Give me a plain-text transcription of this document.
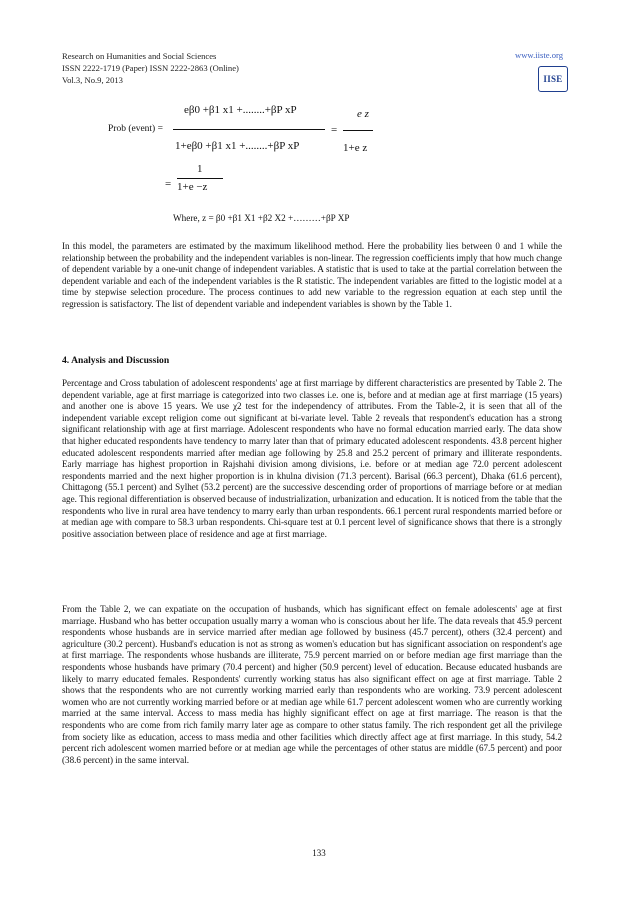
Research on Humanities and Social Sciences
ISSN 2222-1719 (Paper) ISSN 2222-2863 (Online)
Vol.3, No.9, 2013
www.iiste.org
IISE
Prob (event) =
eβ0 +β1 x1 +........+βP xP
1+eβ0 +β1 x1 +........+βP xP
=
e z
1+e z
=
1
1+e −z
Where, z = β0 +β1 X1 +β2 X2 +………+βP XP
In this model, the parameters are estimated by the maximum likelihood method. Here the probability lies between 0 and 1 while the relationship between the probability and the independent variables is non-linear. The regression coefficients imply that how much change of dependent variable by a one-unit change of independent variables. A statistic that is used to take at the partial correlation between the dependent variable and each of the independent variables is the R statistic. The independent variables are fitted to the logistic model at a time by stepwise selection procedure. The process continues to add new variable to the regression equation at each step until the regression is satisfactory. The list of dependent variable and independent variables is shown by the Table 1.
4. Analysis and Discussion
Percentage and Cross tabulation of adolescent respondents' age at first marriage by different characteristics are presented by Table 2. The dependent variable, age at first marriage is categorized into two classes i.e. one is, before and at median age at first marriage (15 years) and another one is above 15 years. We use χ2 test for the independency of attributes. From the Table-2, it is seen that all of the independent variable except religion come out significant at bi-variate level. Table 2 reveals that respondent's education has a strong significant relationship with age at first marriage. Adolescent respondents who have no formal education married early. The data show that higher educated respondents have tendency to marry later than that of primary educated adolescent respondents. 43.8 percent higher educated adolescent respondents married after median age following by 25.8 and 25.2 percent of primary and illiterate respondents. Early marriage has highest proportion in Rajshahi division among divisions, i.e. before or at median age 72.0 percent adolescent respondents married and the next higher proportion is in khulna division (71.3 percent). Barisal (66.3 percent), Dhaka (61.6 percent), Chittagong (55.1 percent) and Sylhet (53.2 percent) are the successive descending order of proportions of marriage before or at median age. This regional differentiation is observed because of industrialization, urbanization and education. It is noticed from the table that the respondents who live in rural area have tendency to marry early than urban respondents. 66.1 percent rural respondents married before or at median age with compare to 58.3 urban respondents. Chi-square test at 0.1 percent level of significance shows that there is a strongly positive association between place of residence and age at first marriage.
From the Table 2, we can expatiate on the occupation of husbands, which has significant effect on female adolescents' age at first marriage. Husband who has better occupation usually marry a woman who is conscious about her life. The data reveals that 45.9 percent respondents whose husbands are in service married after median age followed by business (45.7 percent), others (32.4 percent) and agriculture (30.2 percent). Husband's education is not as strong as women's education but has significant association on respondent's age at first marriage. The respondents whose husbands are illiterate, 75.9 percent married on or before median age first marriage than the respondents whose husbands have primary (70.4 percent) and higher (50.9 percent) level of education. Because educated husbands are likely to marry educated females. Respondents' currently working status has also significant effect on age at first marriage. Table 2 shows that the respondents who are not currently working married early than respondents who are working. 73.9 percent adolescent women who are not currently working married before or at median age while 61.7 percent adolescent women who are currently working married at the same interval. Access to mass media has highly significant effect on age at first marriage. The reason is that the respondents who are come from rich family marry later age as compare to other status family. The rich respondent get all the privilege from society like as education, access to mass media and other facilities which directly affect age at first marriage. In this study, 54.2 percent rich adolescent women married before or at median age while the percentages of other status are middle (67.5 percent) and poor (38.6 percent) in the same interval.
133
